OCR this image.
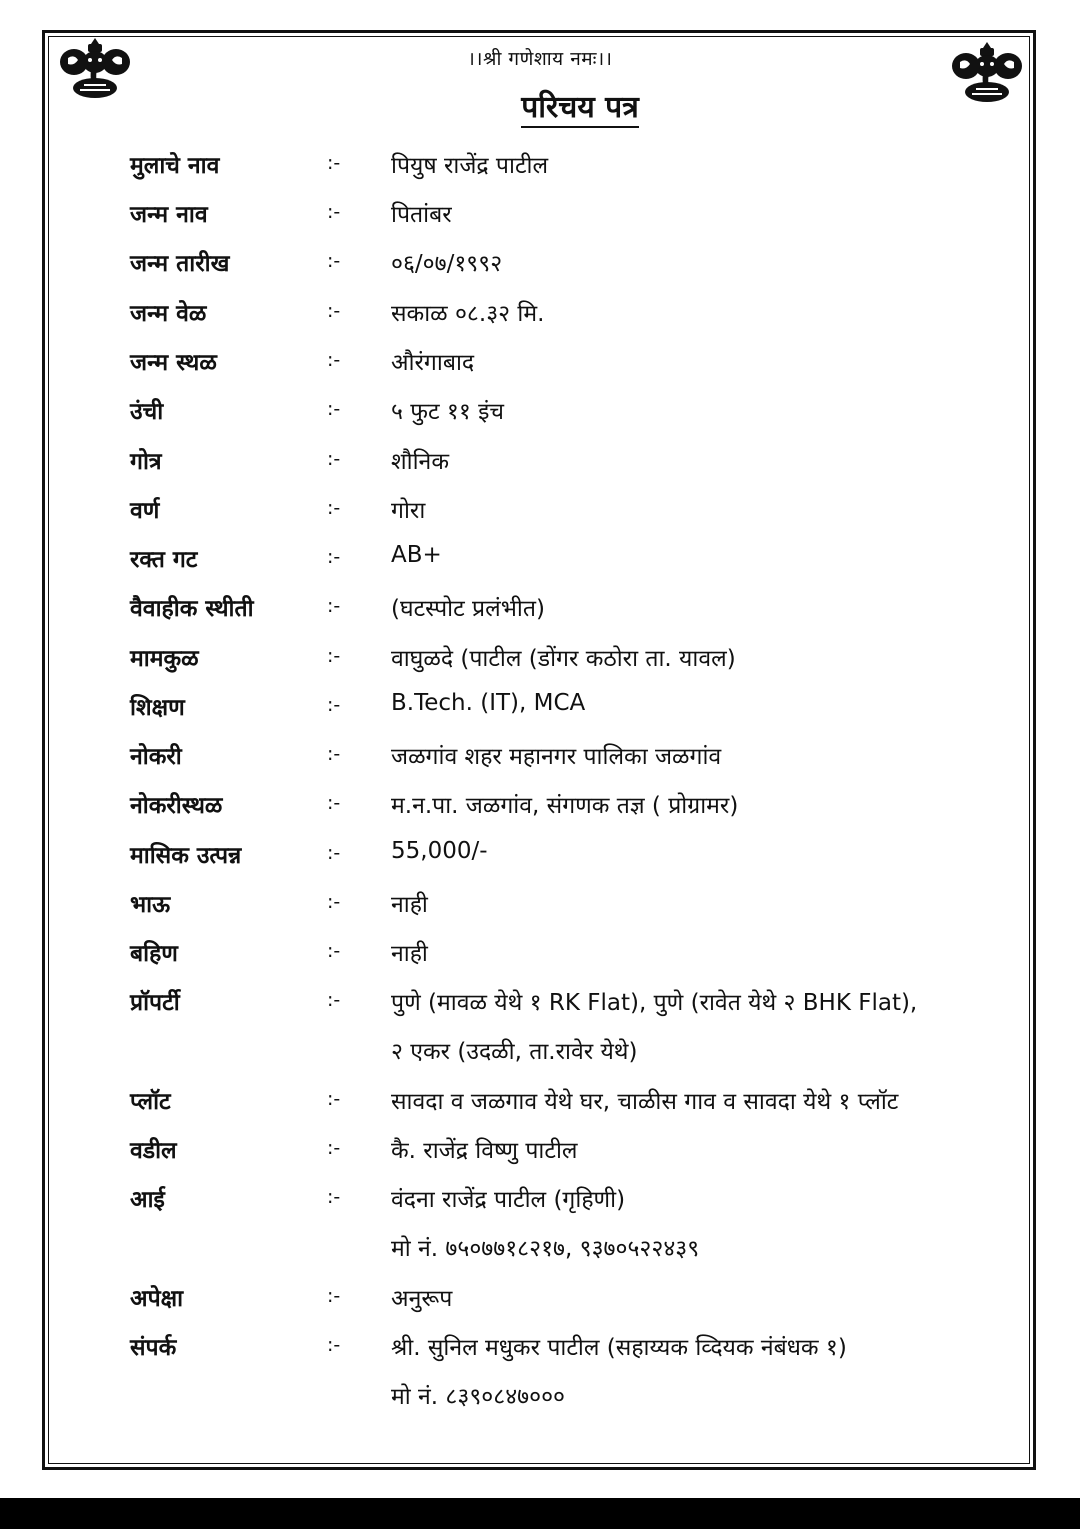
।।श्री गणेशाय नमः।।
परिचय पत्र
मुलाचे नाव	:- पियुष राजेंद्र पाटील
जन्म नाव	:- पितांबर
जन्म तारीख	:- ०६/०७/१९९२
जन्म वेळ	:- सकाळ ०८.३२ मि.
जन्म स्थळ	:- औरंगाबाद
उंची	:- ५ फुट ११ इंच
गोत्र	:- शौनिक
वर्ण	:- गोरा
रक्त गट	:- AB+
वैवाहीक स्थीती	:- (घटस्पोट प्रलंभीत)
मामकुळ	:- वाघुळदे (पाटील (डोंगर कठोरा ता. यावल)
शिक्षण	:- B.Tech. (IT), MCA
नोकरी	:- जळगांव शहर महानगर पालिका जळगांव
नोकरीस्थळ	:- म.न.पा. जळगांव, संगणक तज्ञ ( प्रोग्रामर)
मासिक उत्पन्न	:- 55,000/-
भाऊ	:- नाही
बहिण	:- नाही
प्रॉपर्टी	:- पुणे (मावळ येथे १ RK Flat), पुणे (रावेत येथे २ BHK Flat),
२ एकर (उदळी, ता.रावेर येथे)
प्लॉट	:- सावदा व जळगाव येथे घर, चाळीस गाव व सावदा येथे १ प्लॉट
वडील	:- कै. राजेंद्र विष्णु पाटील
आई	:- वंदना राजेंद्र पाटील (गृहिणी)
मो नं. ७५०७७१८२१७, ९३७०५२२४३९
अपेक्षा	:- अनुरूप
संपर्क	:- श्री. सुनिल मधुकर पाटील (सहाय्यक व्दियक नंबंधक १)
मो नं. ८३९०८४७०००
